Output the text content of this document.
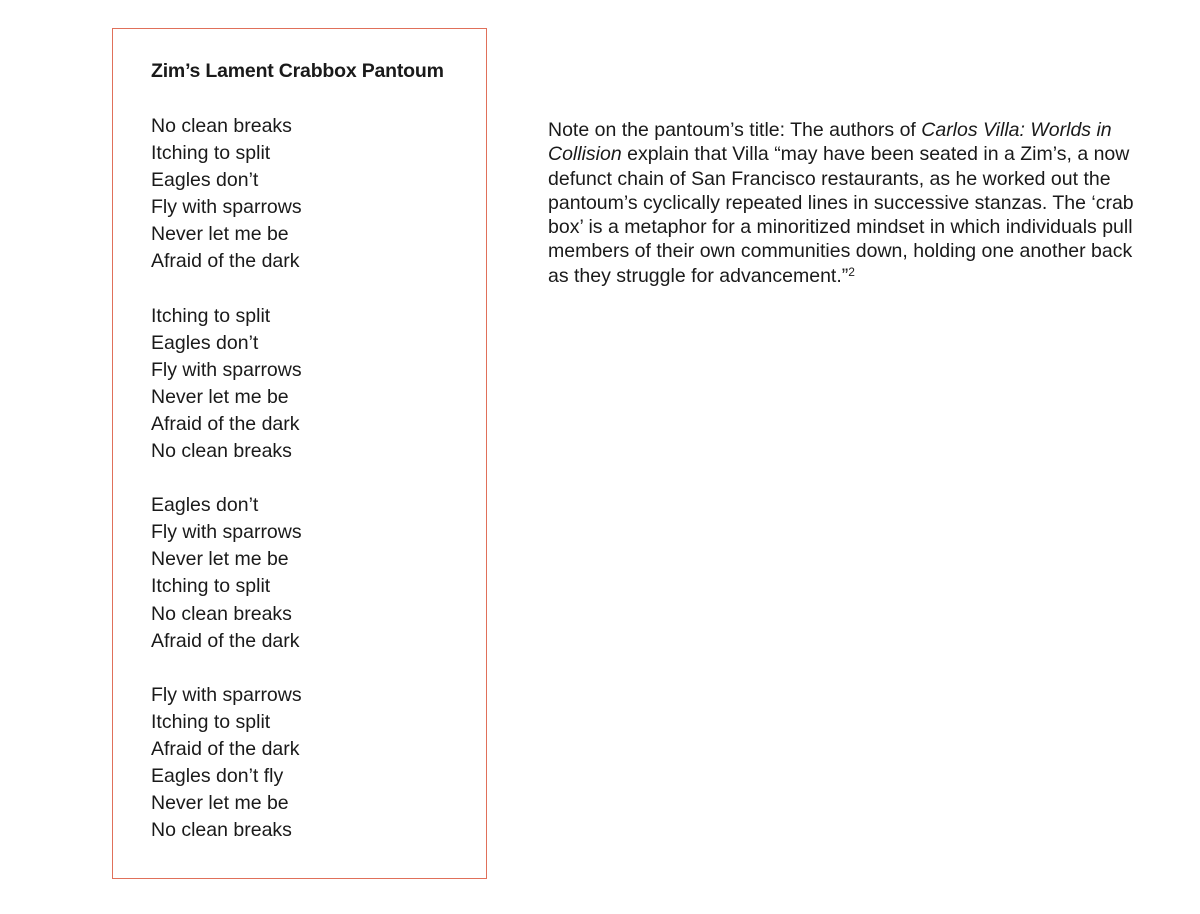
Zim’s Lament Crabbox Pantoum
No clean breaks
Itching to split
Eagles don’t
Fly with sparrows
Never let me be
Afraid of the dark
Itching to split
Eagles don’t
Fly with sparrows
Never let me be
Afraid of the dark
No clean breaks
Eagles don’t
Fly with sparrows
Never let me be
Itching to split
No clean breaks
Afraid of the dark
Fly with sparrows
Itching to split
Afraid of the dark
Eagles don’t fly
Never let me be
No clean breaks

Note on the pantoum’s title: The authors of Carlos Villa: Worlds in Collision explain that Villa “may have been seated in a Zim’s, a now defunct chain of San Francisco restaurants, as he worked out the pantoum’s cyclically repeated lines in successive stanzas. The ‘crab box’ is a metaphor for a minoritized mindset in which individuals pull members of their own communities down, holding one another back as they struggle for advancement.”$^2$
